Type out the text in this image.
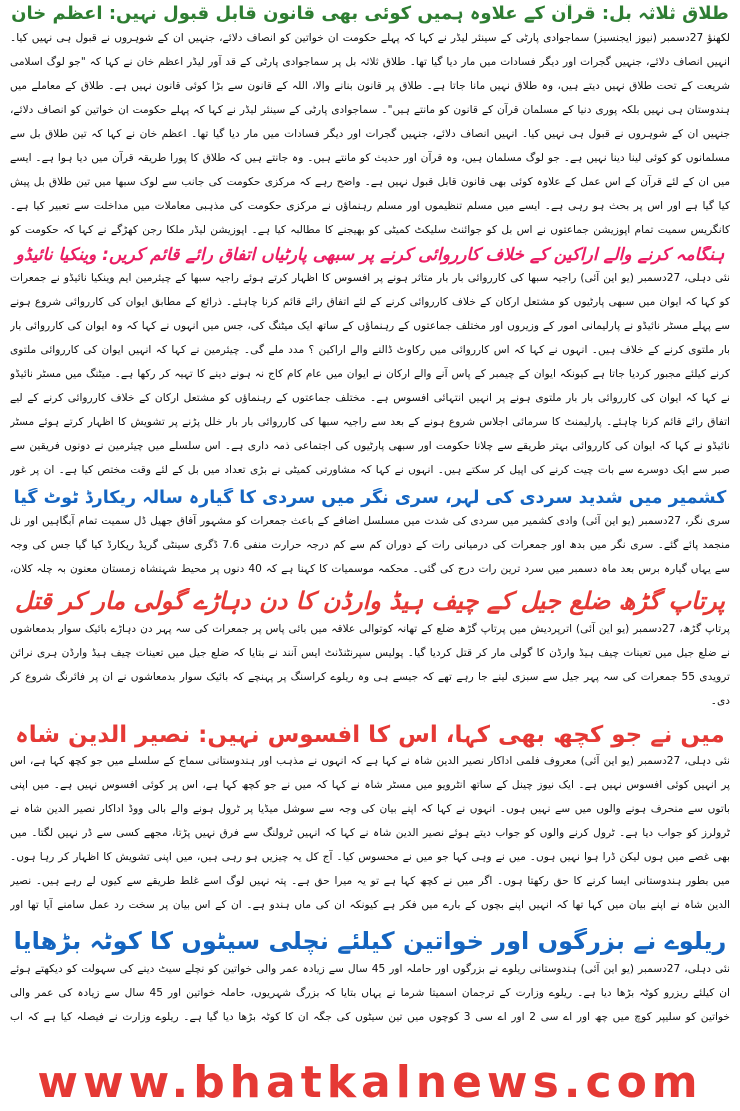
طلاق ثلاثہ بل: قرآن کے علاوہ ہمیں کوئی بھی قانون قابل قبول نہیں: اعظم خان

لکھنؤ 27دسمبر (نیوز ایجنسیز) سماجوادی پارٹی کے سینئر لیڈر نے کہا کہ پہلے حکومت ان خواتین کو انصاف دلائے، جنہیں ان کے شوہروں نے قبول ہی نہیں کیا۔ انہیں انصاف دلائے، جنہیں گجرات اور دیگر فسادات میں مار دیا گیا تھا۔ طلاق ثلاثہ بل پر سماجوادی پارٹی کے قد آور لیڈر اعظم خان نے کہا کہ "جو لوگ اسلامی شریعت کے تحت طلاق نہیں دیتے ہیں، وہ طلاق نہیں مانا جاتا ہے۔ طلاق پر قانون بنانے والا، اللہ کے قانون سے بڑا کوئی قانون نہیں ہے۔ طلاق کے معاملے میں ہندوستان ہی نہیں بلکہ پوری دنیا کے مسلمان قرآن کے قانون کو مانتے ہیں"۔ سماجوادی پارٹی کے سینئر لیڈر نے کہا کہ پہلے حکومت ان خواتین کو انصاف دلائے، جنہیں ان کے شوہروں نے قبول ہی نہیں کیا۔ انہیں انصاف دلائے، جنہیں گجرات اور دیگر فسادات میں مار دیا گیا تھا۔ اعظم خان نے کہا کہ تین طلاق بل سے مسلمانوں کو کوئی لینا دینا نہیں ہے۔ جو لوگ مسلمان ہیں، وہ قرآن اور حدیث کو مانتے ہیں۔ وہ جانتے ہیں کہ طلاق کا پورا طریقہ قرآن میں دیا ہوا ہے۔ ایسے میں ان کے لئے قرآن کے اس عمل کے علاوہ کوئی بھی قانون قابل قبول نہیں ہے۔ واضح رہے کہ مرکزی حکومت کی جانب سے لوک سبھا میں تین طلاق بل پیش کیا گیا ہے اور اس پر بحث ہو رہی ہے۔ ایسے میں مسلم تنظیموں اور مسلم رہنماؤں نے مرکزی حکومت کی مذہبی معاملات میں مداخلت سے تعبیر کیا ہے۔ کانگریس سمیت تمام اپوزیشن جماعتوں نے اس بل کو جوائنٹ سلیکٹ کمیٹی کو بھیجنے کا مطالبہ کیا ہے۔ اپوزیشن لیڈر ملکا رجن کھڑگے نے کہا کہ حکومت کو

ہنگامہ کرنے والے اراکین کے خلاف کارروائی کرنے پر سبھی پارٹیاں اتفاق رائے قائم کریں: وینکیا نائیڈو

نئی دہلی، 27دسمبر (یو این آئی) راجیہ سبھا کی کارروائی بار بار متاثر ہونے پر افسوس کا اظہار کرتے ہوئے راجیہ سبھا کے چیئرمین ایم وینکیا نائیڈو نے جمعرات کو کہا کہ ایوان میں سبھی پارٹیوں کو مشتعل ارکان کے خلاف کارروائی کرنے کے لئے اتفاق رائے قائم کرنا چاہئے۔ ذرائع کے مطابق ایوان کی کارروائی شروع ہونے سے پہلے مسٹر نائیڈو نے پارلیمانی امور کے وزیروں اور مختلف جماعتوں کے رہنماؤں کے ساتھ ایک میٹنگ کی، جس میں انہوں نے کہا کہ وہ ایوان کی کارروائی بار بار ملتوی کرنے کے خلاف ہیں۔ انہوں نے کہا کہ اس کارروائی میں رکاوٹ ڈالنے والے اراکین ؟ مدد ملے گی۔ چیئرمین نے کہا کہ انہیں ایوان کی کارروائی ملتوی کرنے کیلئے مجبور کردیا جاتا ہے کیونکہ ایوان کے چیمبر کے پاس آنے والے ارکان نے ایوان میں عام کام کاج نہ ہونے دینے کا تہیہ کر رکھا ہے۔ میٹنگ میں مسٹر نائیڈو نے کہا کہ ایوان کی کارروائی بار بار ملتوی ہونے پر انہیں انتہائی افسوس ہے۔ مختلف جماعتوں کے رہنماؤں کو مشتعل ارکان کے خلاف کارروائی کرنے کے لیے اتفاق رائے قائم کرنا چاہئے۔ پارلیمنٹ کا سرمائی اجلاس شروع ہونے کے بعد سے راجیہ سبھا کی کارروائی بار بار خلل پڑنے پر تشویش کا اظہار کرتے ہوئے مسٹر نائیڈو نے کہا کہ ایوان کی کارروائی بہتر طریقے سے چلانا حکومت اور سبھی پارٹیوں کی اجتماعی ذمہ داری ہے۔ اس سلسلے میں چیئرمین نے دونوں فریقین سے صبر سے ایک دوسرے سے بات چیت کرنے کی اپیل کر سکتے ہیں۔ انہوں نے کہا کہ مشاورتی کمیٹی نے بڑی تعداد میں بل کے لئے وقت مختص کیا ہے۔ ان پر غور

کشمیر میں شدید سردی کی لہر، سری نگر میں سردی کا گیارہ سالہ ریکارڈ ٹوٹ گیا

سری نگر، 27دسمبر (یو این آئی) وادی کشمیر میں سردی کی شدت میں مسلسل اضافے کے باعث جمعرات کو مشہور آفاق جھیل ڈل سمیت تمام آبگاہیں اور نل منجمد پائے گئے۔ سری نگر میں بدھ اور جمعرات کی درمیانی رات کے دوران کم سے کم درجہ حرارت منفی 7.6 ڈگری سینٹی گریڈ ریکارڈ کیا گیا جس کی وجہ سے یہاں گیارہ برس بعد ماہ دسمبر میں سرد ترین رات درج کی گئی۔ محکمہ موسمیات کا کہنا ہے کہ 40 دنوں پر محیط شہنشاہ زمستان معنون بہ چلہ کلان،

پرتاپ گڑھ ضلع جیل کے چیف ہیڈ وارڈن کا دن دہاڑے گولی مار کر قتل

پرتاپ گڑھ، 27دسمبر (یو این آئی) اترپردیش میں پرتاپ گڑھ ضلع کے تھانہ کوتوالی علاقہ میں بائی پاس پر جمعرات کی سہ پہر دن دہاڑے بائیک سوار بدمعاشوں نے ضلع جیل میں تعینات چیف ہیڈ وارڈن کا گولی مار کر قتل کردیا گیا۔ پولیس سپرنٹنڈنٹ ایس آنند نے بتایا کہ ضلع جیل میں تعینات چیف ہیڈ وارڈن ہری نرائن ترویدی 55 جمعرات کی سہ پہر جیل سے سبزی لینے جا رہے تھے کہ جیسے ہی وہ ریلوے کراسنگ پر پہنچے کہ بائیک سوار بدمعاشوں نے ان پر فائرنگ شروع کر دی۔

میں نے جو کچھ بھی کہا، اس کا افسوس نہیں: نصیر الدین شاہ

نئی دہلی، 27دسمبر (یو این آئی) معروف فلمی اداکار نصیر الدین شاہ نے کہا ہے کہ انہوں نے مذہب اور ہندوستانی سماج کے سلسلے میں جو کچھ کہا ہے، اس پر انہیں کوئی افسوس نہیں ہے۔ ایک نیوز چینل کے ساتھ انٹرویو میں مسٹر شاہ نے کہا کہ میں نے جو کچھ کہا ہے، اس پر کوئی افسوس نہیں ہے۔ میں اپنی باتوں سے منحرف ہونے والوں میں سے نہیں ہوں۔ انہوں نے کہا کہ اپنے بیان کی وجہ سے سوشل میڈیا پر ٹرول ہونے والے بالی ووڈ اداکار نصیر الدین شاہ نے ٹرولرز کو جواب دیا ہے۔ ٹرول کرنے والوں کو جواب دیتے ہوئے نصیر الدین شاہ نے کہا کہ انہیں ٹرولنگ سے فرق نہیں پڑتا، مجھے کسی سے ڈر نہیں لگتا۔ میں بھی غصے میں ہوں لیکن ڈرا ہوا نہیں ہوں۔ میں نے وہی کہا جو میں نے محسوس کیا۔ آج کل یہ چیزیں ہو رہی ہیں، میں اپنی تشویش کا اظہار کر رہا ہوں۔ میں بطور ہندوستانی ایسا کرنے کا حق رکھتا ہوں۔ اگر میں نے کچھ کہا ہے تو یہ میرا حق ہے۔ پتہ نہیں لوگ اسے غلط طریقے سے کیوں لے رہے ہیں۔ نصیر الدین شاہ نے اپنے بیان میں کہا تھا کہ انہیں اپنے بچوں کے بارے میں فکر ہے کیونکہ ان کی ماں ہندو ہے۔ ان کے اس بیان پر سخت رد عمل سامنے آیا تھا اور

ریلوے نے بزرگوں اور خواتین کیلئے نچلی سیٹوں کا کوٹہ بڑھایا

نئی دہلی، 27دسمبر (یو این آئی) ہندوستانی ریلوے نے بزرگوں اور حاملہ اور 45 سال سے زیادہ عمر والی خواتین کو نچلے سیٹ دینے کی سہولت کو دیکھتے ہوئے ان کیلئے ریزرو کوٹہ بڑھا دیا ہے۔ ریلوے وزارت کے ترجمان اسمیتا شرما نے یہاں بتایا کہ بزرگ شہریوں، حاملہ خواتین اور 45 سال سے زیادہ کی عمر والی خواتین کو سلیپر کوچ میں چھ اور اے سی 2 اور اے سی 3 کوچوں میں تین سیٹوں کی جگہ ان کا کوٹہ بڑھا دیا گیا ہے۔ ریلوے وزارت نے فیصلہ کیا ہے کہ اب

www.bhatkalnews.com
